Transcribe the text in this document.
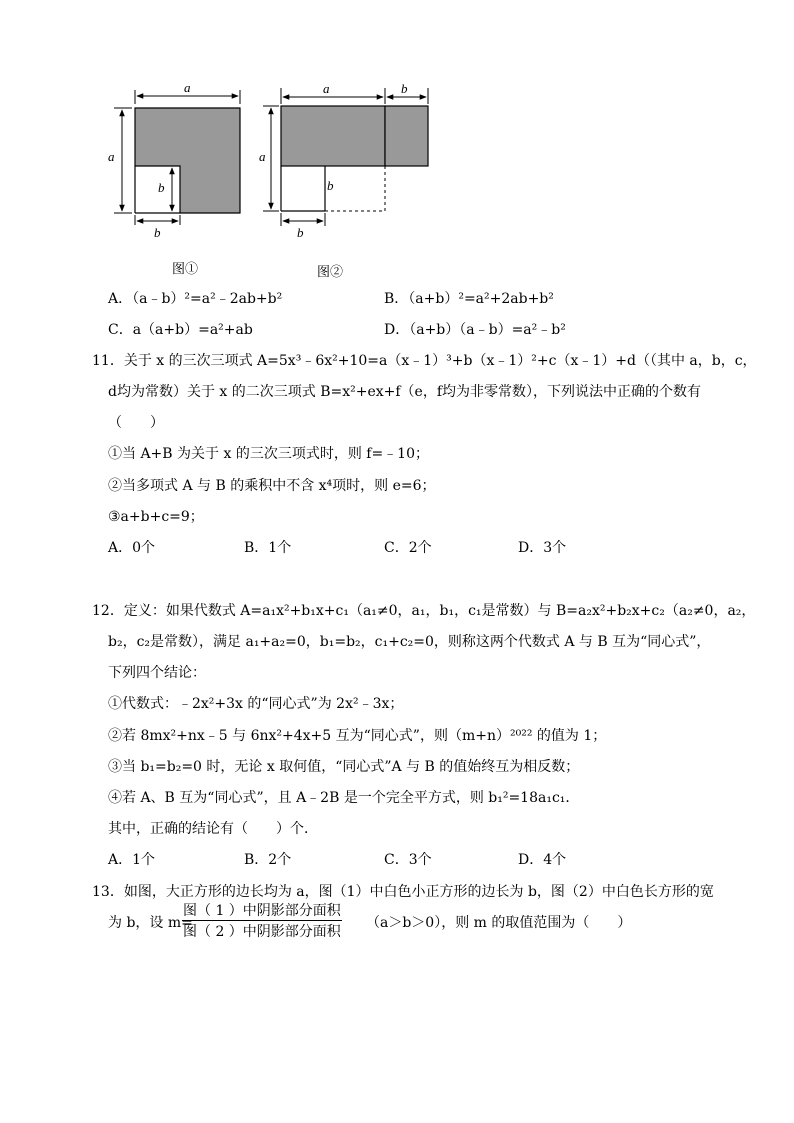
a
a
b
b
图①
a	b
a
b
b
图②
A．（a﹣b）²=a²﹣2ab+b²	B．（a+b）²=a²+2ab+b²
C．a（a+b）=a²+ab	D．（a+b）（a﹣b）=a²﹣b²
11．关于 x 的三次三项式 A=5x³﹣6x²+10=a（x﹣1）³+b（x﹣1）²+c（x﹣1）+d（（其中 a，b，c，
d均为常数）关于 x 的二次三项式 B=x²+ex+f（e，f均为非零常数），下列说法中正确的个数有
（　　）
①当 A+B 为关于 x 的三次三项式时，则 f=﹣10；
②当多项式 A 与 B 的乘积中不含 x⁴项时，则 e=6；
③a+b+c=9；
A．0个	B．1个	C．2个	D．3个
12．定义：如果代数式 A=a₁x²+b₁x+c₁（a₁≠0，a₁，b₁，c₁是常数）与 B=a₂x²+b₂x+c₂（a₂≠0，a₂，
b₂，c₂是常数），满足 a₁+a₂=0，b₁=b₂，c₁+c₂=0，则称这两个代数式 A 与 B 互为“同心式”，
下列四个结论：
①代数式：﹣2x²+3x 的“同心式”为 2x²﹣3x；
②若 8mx²+nx﹣5 与 6nx²+4x+5 互为“同心式”，则（m+n）²⁰²² 的值为 1；
③当 b₁=b₂=0 时，无论 x 取何值，“同心式”A 与 B 的值始终互为相反数；
④若 A、B 互为“同心式”，且 A﹣2B 是一个完全平方式，则 b₁²=18a₁c₁．
其中，正确的结论有（　　）个．
A．1个	B．2个	C．3个	D．4个
13．如图，大正方形的边长均为 a，图（1）中白色小正方形的边长为 b，图（2）中白色长方形的宽
为 b，设 m=
图（ 1 ）中阴影部分面积
图（ 2 ）中阴影部分面积
（a＞b＞0），则 m 的取值范围为（　　）
